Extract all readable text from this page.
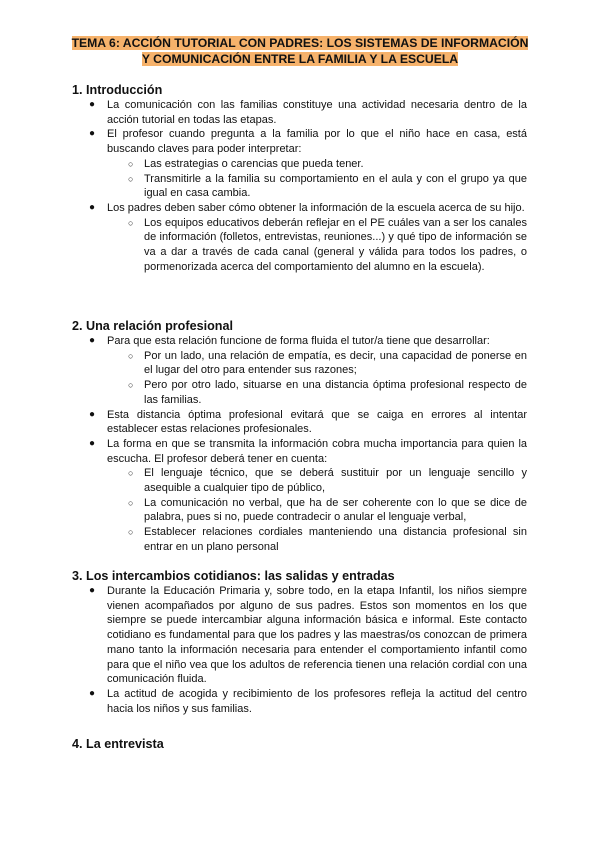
TEMA 6: ACCIÓN TUTORIAL CON PADRES: LOS SISTEMAS DE INFORMACIÓN
Y COMUNICACIÓN ENTRE LA FAMILIA Y LA ESCUELA
1. Introducción
● La comunicación con las familias constituye una actividad necesaria dentro de la acción tutorial en todas las etapas.
● El profesor cuando pregunta a la familia por lo que el niño hace en casa, está buscando claves para poder interpretar:
○ Las estrategias o carencias que pueda tener.
○ Transmitirle a la familia su comportamiento en el aula y con el grupo ya que igual en casa cambia.
● Los padres deben saber cómo obtener la información de la escuela acerca de su hijo.
○ Los equipos educativos deberán reflejar en el PE cuáles van a ser los canales de información (folletos, entrevistas, reuniones...) y qué tipo de información se va a dar a través de cada canal (general y válida para todos los padres, o pormenorizada acerca del comportamiento del alumno en la escuela).
2. Una relación profesional
● Para que esta relación funcione de forma fluida el tutor/a tiene que desarrollar:
○ Por un lado, una relación de empatía, es decir, una capacidad de ponerse en el lugar del otro para entender sus razones;
○ Pero por otro lado, situarse en una distancia óptima profesional respecto de las familias.
● Esta distancia óptima profesional evitará que se caiga en errores al intentar establecer estas relaciones profesionales.
● La forma en que se transmita la información cobra mucha importancia para quien la escucha. El profesor deberá tener en cuenta:
○ El lenguaje técnico, que se deberá sustituir por un lenguaje sencillo y asequible a cualquier tipo de público,
○ La comunicación no verbal, que ha de ser coherente con lo que se dice de palabra, pues si no, puede contradecir o anular el lenguaje verbal,
○ Establecer relaciones cordiales manteniendo una distancia profesional sin entrar en un plano personal
3. Los intercambios cotidianos: las salidas y entradas
● Durante la Educación Primaria y, sobre todo, en la etapa Infantil, los niños siempre vienen acompañados por alguno de sus padres. Estos son momentos en los que siempre se puede intercambiar alguna información básica e informal. Este contacto cotidiano es fundamental para que los padres y las maestras/os conozcan de primera mano tanto la información necesaria para entender el comportamiento infantil como para que el niño vea que los adultos de referencia tienen una relación cordial con una comunicación fluida.
● La actitud de acogida y recibimiento de los profesores refleja la actitud del centro hacia los niños y sus familias.
4. La entrevista
